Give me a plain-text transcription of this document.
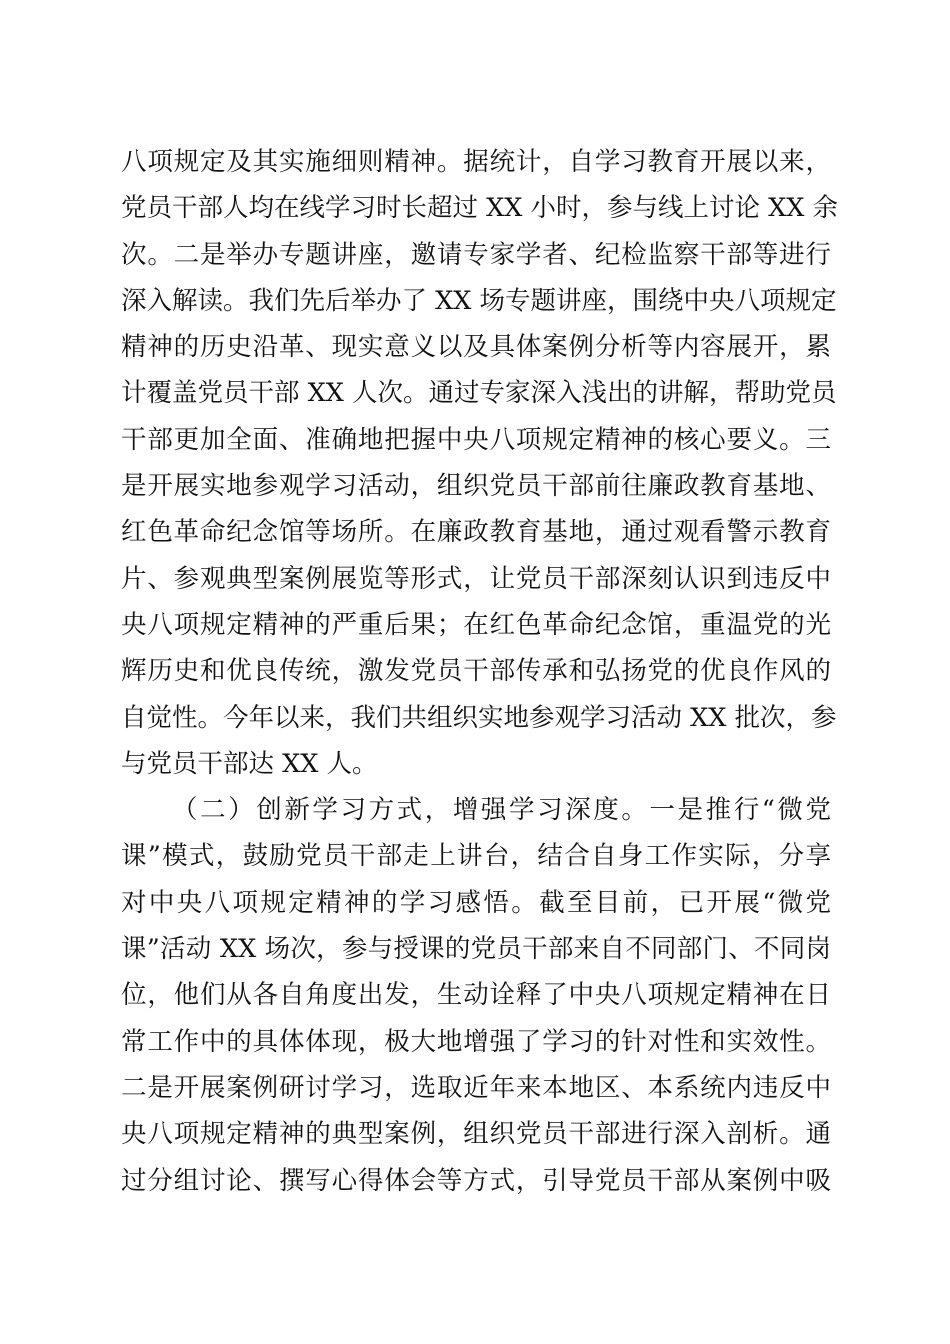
八项规定及其实施细则精神。据统计，自学习教育开展以来，
党员干部人均在线学习时长超过 XX 小时，参与线上讨论 XX 余
次。二是举办专题讲座，邀请专家学者、纪检监察干部等进行
深入解读。我们先后举办了 XX 场专题讲座，围绕中央八项规定
精神的历史沿革、现实意义以及具体案例分析等内容展开，累
计覆盖党员干部 XX 人次。通过专家深入浅出的讲解，帮助党员
干部更加全面、准确地把握中央八项规定精神的核心要义。三
是开展实地参观学习活动，组织党员干部前往廉政教育基地、
红色革命纪念馆等场所。在廉政教育基地，通过观看警示教育
片、参观典型案例展览等形式，让党员干部深刻认识到违反中
央八项规定精神的严重后果；在红色革命纪念馆，重温党的光
辉历史和优良传统，激发党员干部传承和弘扬党的优良作风的
自觉性。今年以来，我们共组织实地参观学习活动 XX 批次，参
与党员干部达 XX 人。
（二）创新学习方式，增强学习深度。一是推行“微党
课”模式，鼓励党员干部走上讲台，结合自身工作实际，分享
对中央八项规定精神的学习感悟。截至目前，已开展“微党
课”活动 XX 场次，参与授课的党员干部来自不同部门、不同岗
位，他们从各自角度出发，生动诠释了中央八项规定精神在日
常工作中的具体体现，极大地增强了学习的针对性和实效性。
二是开展案例研讨学习，选取近年来本地区、本系统内违反中
央八项规定精神的典型案例，组织党员干部进行深入剖析。通
过分组讨论、撰写心得体会等方式，引导党员干部从案例中吸
